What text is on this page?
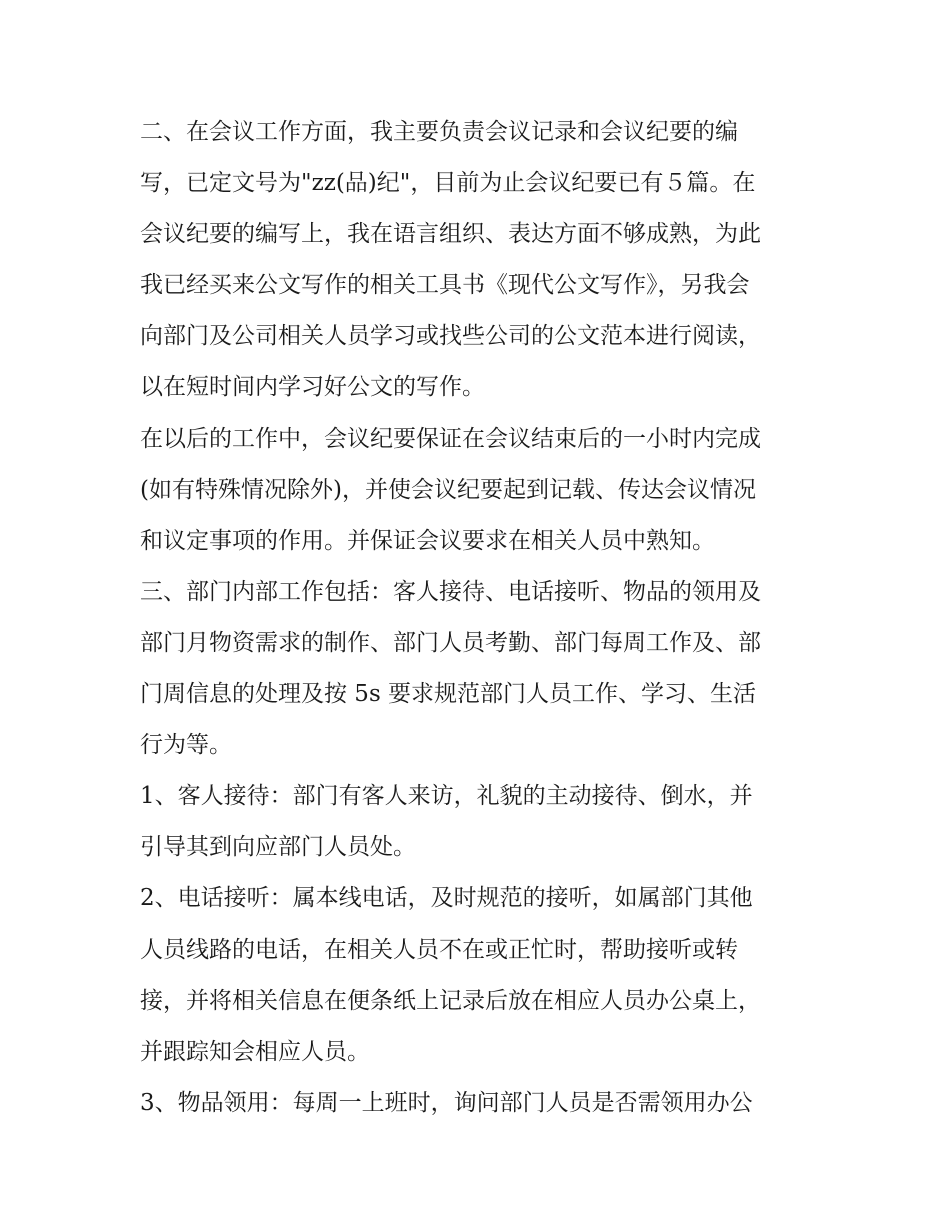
二、在会议工作方面，我主要负责会议记录和会议纪要的编
写，已定文号为"zz(品)纪"，目前为止会议纪要已有５篇。在
会议纪要的编写上，我在语言组织、表达方面不够成熟，为此
我已经买来公文写作的相关工具书《现代公文写作》，另我会
向部门及公司相关人员学习或找些公司的公文范本进行阅读，
以在短时间内学习好公文的写作。
在以后的工作中，会议纪要保证在会议结束后的一小时内完成
(如有特殊情况除外)，并使会议纪要起到记载、传达会议情况
和议定事项的作用。并保证会议要求在相关人员中熟知。
三、部门内部工作包括：客人接待、电话接听、物品的领用及
部门月物资需求的制作、部门人员考勤、部门每周工作及、部
门周信息的处理及按 5s 要求规范部门人员工作、学习、生活
行为等。
1、客人接待：部门有客人来访，礼貌的主动接待、倒水，并
引导其到向应部门人员处。
2、电话接听：属本线电话，及时规范的接听，如属部门其他
人员线路的电话，在相关人员不在或正忙时，帮助接听或转
接，并将相关信息在便条纸上记录后放在相应人员办公桌上，
并跟踪知会相应人员。
3、物品领用：每周一上班时，询问部门人员是否需领用办公
